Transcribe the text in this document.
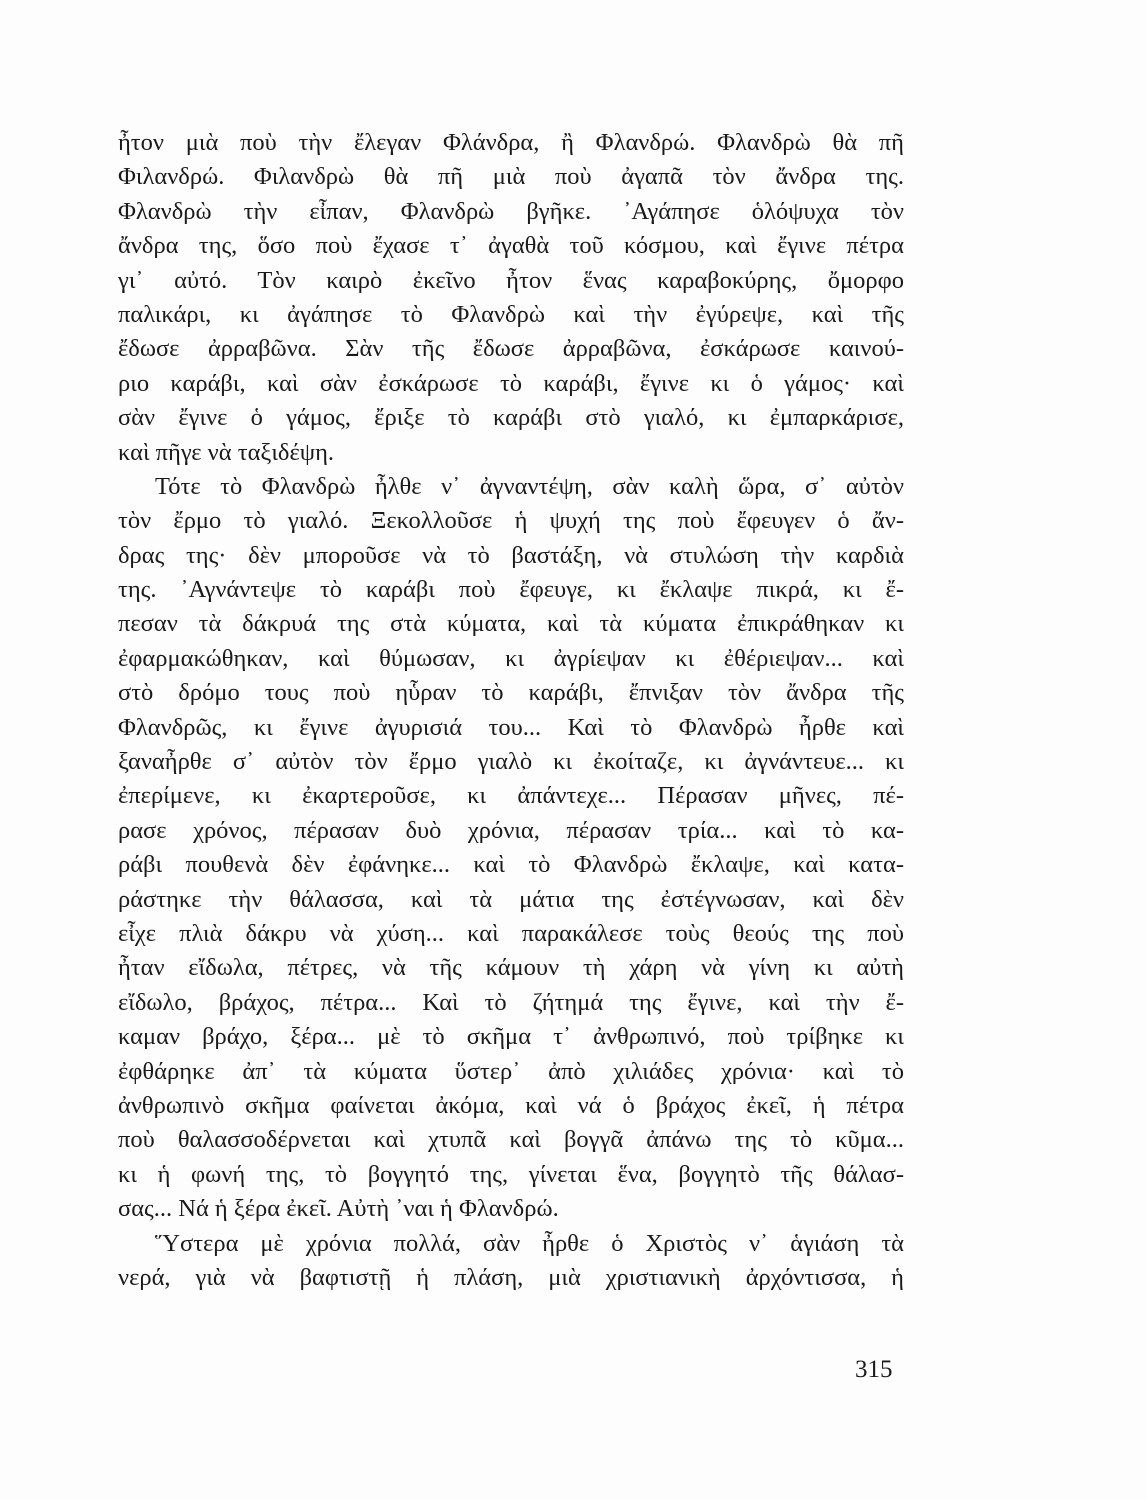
ἦτον μιὰ ποὺ τὴν ἔλεγαν Φλάνδρα, ἢ Φλανδρώ. Φλανδρὼ θὰ πῆ
Φιλανδρώ. Φιλανδρὼ θὰ πῆ μιὰ ποὺ ἀγαπᾶ τὸν ἄνδρα της.
Φλανδρὼ τὴν εἶπαν, Φλανδρὼ βγῆκε. ᾽Αγάπησε ὁλόψυχα τὸν
ἄνδρα της, ὅσο ποὺ ἔχασε τ᾽ ἀγαθὰ τοῦ κόσμου, καὶ ἔγινε πέτρα
γι᾽ αὐτό. Τὸν καιρὸ ἐκεῖνο ἦτον ἕνας καραβοκύρης, ὄμορφο
παλικάρι, κι ἀγάπησε τὸ Φλανδρὼ καὶ τὴν ἐγύρεψε, καὶ τῆς
ἔδωσε ἀρραβῶνα. Σὰν τῆς ἔδωσε ἀρραβῶνα, ἐσκάρωσε καινού-
ριο καράβι, καὶ σὰν ἐσκάρωσε τὸ καράβι, ἔγινε κι ὁ γάμος· καὶ
σὰν ἔγινε ὁ γάμος, ἔριξε τὸ καράβι στὸ γιαλό, κι ἐμπαρκάρισε,
καὶ πῆγε νὰ ταξιδέψη.
Τότε τὸ Φλανδρὼ ἦλθε ν᾽ ἀγναντέψη, σὰν καλὴ ὥρα, σ᾽ αὐτὸν
τὸν ἔρμο τὸ γιαλό. Ξεκολλοῦσε ἡ ψυχή της ποὺ ἔφευγεν ὁ ἄν-
δρας της· δὲν μποροῦσε νὰ τὸ βαστάξη, νὰ στυλώση τὴν καρδιὰ
της. ᾽Αγνάντεψε τὸ καράβι ποὺ ἔφευγε, κι ἔκλαψε πικρά, κι ἔ-
πεσαν τὰ δάκρυά της στὰ κύματα, καὶ τὰ κύματα ἐπικράθηκαν κι
ἐφαρμακώθηκαν, καὶ θύμωσαν, κι ἀγρίεψαν κι ἐθέριεψαν... καὶ
στὸ δρόμο τους ποὺ ηὗραν τὸ καράβι, ἔπνιξαν τὸν ἄνδρα τῆς
Φλανδρῶς, κι ἔγινε ἀγυρισιά του... Καὶ τὸ Φλανδρὼ ἦρθε καὶ
ξαναἦρθε σ᾽ αὐτὸν τὸν ἔρμο γιαλὸ κι ἐκοίταζε, κι ἀγνάντευε... κι
ἐπερίμενε, κι ἐκαρτεροῦσε, κι ἀπάντεχε... Πέρασαν μῆνες, πέ-
ρασε χρόνος, πέρασαν δυὸ χρόνια, πέρασαν τρία... καὶ τὸ κα-
ράβι πουθενὰ δὲν ἐφάνηκε... καὶ τὸ Φλανδρὼ ἔκλαψε, καὶ κατα-
ράστηκε τὴν θάλασσα, καὶ τὰ μάτια της ἐστέγνωσαν, καὶ δὲν
εἶχε πλιὰ δάκρυ νὰ χύση... καὶ παρακάλεσε τοὺς θεούς της ποὺ
ἦταν εἴδωλα, πέτρες, νὰ τῆς κάμουν τὴ χάρη νὰ γίνη κι αὐτὴ
εἴδωλο, βράχος, πέτρα... Καὶ τὸ ζήτημά της ἔγινε, καὶ τὴν ἔ-
καμαν βράχο, ξέρα... μὲ τὸ σκῆμα τ᾽ ἀνθρωπινό, ποὺ τρίβηκε κι
ἐφθάρηκε ἀπ᾽ τὰ κύματα ὕστερ᾽ ἀπὸ χιλιάδες χρόνια· καὶ τὸ
ἀνθρωπινὸ σκῆμα φαίνεται ἀκόμα, καὶ νά ὁ βράχος ἐκεῖ, ἡ πέτρα
ποὺ θαλασσοδέρνεται καὶ χτυπᾶ καὶ βογγᾶ ἀπάνω της τὸ κῦμα...
κι ἡ φωνή της, τὸ βογγητό της, γίνεται ἕνα, βογγητὸ τῆς θάλασ-
σας... Νά ἡ ξέρα ἐκεῖ. Αὐτὴ ᾽ναι ἡ Φλανδρώ.
Ὕστερα μὲ χρόνια πολλά, σὰν ἦρθε ὁ Χριστὸς ν᾽ ἁγιάση τὰ
νερά, γιὰ νὰ βαφτιστῇ ἡ πλάση, μιὰ χριστιανικὴ ἀρχόντισσα, ἡ
315
